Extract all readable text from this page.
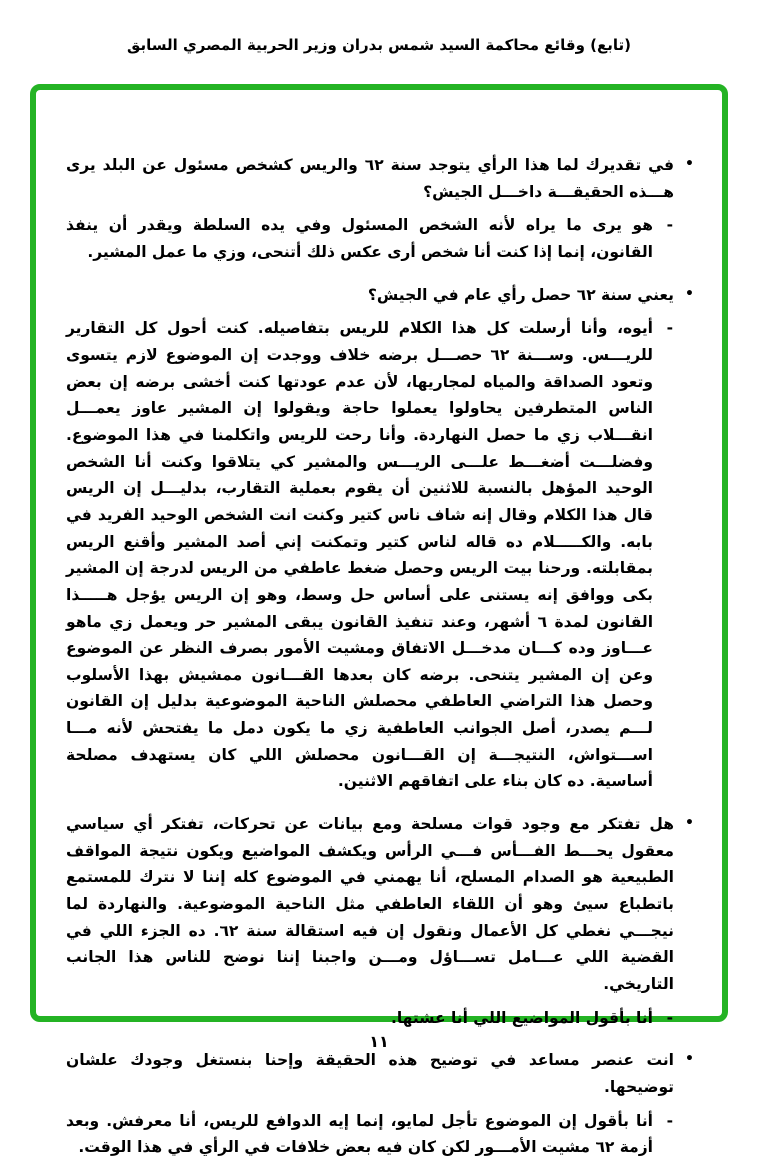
(تابع) وقائع محاكمة السيد شمس بدران وزير الحربية المصري السابق
•
في تقديرك لما هذا الرأي يتوجد سنة ٦٢ والريس كشخص مسئول عن البلد يرى هـــذه الحقيقـــة داخـــل الجيش؟
-
هو يرى ما يراه لأنه الشخص المسئول وفي يده السلطة ويقدر أن ينفذ القانون، إنما إذا كنت أنا شخص أرى عكس ذلك أتنحى، وزي ما عمل المشير.
•
يعني سنة ٦٢ حصل رأي عام في الجيش؟
-
أيوه، وأنا أرسلت كل هذا الكلام للريس بتفاصيله. كنت أحول كل التقارير للريـــس. وســـنة ٦٢ حصـــل برضه خلاف ووجدت إن الموضوع لازم يتسوى وتعود الصداقة والمياه لمجاريها، لأن عدم عودتها كنت أخشى برضه إن بعض الناس المتطرفين يحاولوا يعملوا حاجة ويقولوا إن المشير عاوز يعمـــل انقـــلاب زي ما حصل النهاردة. وأنا رحت للريس واتكلمنا في هذا الموضوع. وفضلـــت أضغـــط علـــى الريـــس والمشير كي يتلاقوا وكنت أنا الشخص الوحيد المؤهل بالنسبة للاثنين أن يقوم بعملية التقارب، بدليـــل إن الريس قال هذا الكلام وقال إنه شاف ناس كتير وكنت انت الشخص الوحيد الفريد في بابه. والكـــــلام ده قاله لناس كتير وتمكنت إني أصد المشير وأقنع الريس بمقابلته. ورحنا بيت الريس وحصل ضغط عاطفي من الريس لدرجة إن المشير بكى ووافق إنه يستنى على أساس حل وسط، وهو إن الريس يؤجل هـــــذا القانون لمدة ٦ أشهر، وعند تنفيذ القانون يبقى المشير حر ويعمل زي ماهو عـــاوز وده كـــان مدخـــل الاتفاق ومشيت الأمور بصرف النظر عن الموضوع وعن إن المشير يتنحى. برضه كان بعدها القـــانون ممشيش بهذا الأسلوب وحصل هذا التراضي العاطفي محصلش الناحية الموضوعية بدليل إن القانون لـــم يصدر، أصل الجوانب العاطفية زي ما يكون دمل ما يفتحش لأنه مـــا اســـتواش، النتيجـــة إن القـــانون محصلش اللي كان يستهدف مصلحة أساسية. ده كان بناء على اتفاقهم الاثنين.
•
هل تفتكر مع وجود قوات مسلحة ومع بيانات عن تحركات، تفتكر أي سياسي معقول يحـــط الفـــأس فـــي الرأس ويكشف المواضيع ويكون نتيجة المواقف الطبيعية هو الصدام المسلح، أنا يهمني في الموضوع كله إننا لا نترك للمستمع باتطباع سيئ وهو أن اللقاء العاطفي مثل الناحية الموضوعية. والنهاردة لما نيجـــي نغطي كل الأعمال ونقول إن فيه استقالة سنة ٦٢. ده الجزء اللي في القضية اللي عـــامل تســـاؤل ومـــن واجبنا إننا نوضح للناس هذا الجانب التاريخي.
-
أنا بأقول المواضيع اللي أنا عشتها.
•
انت عنصر مساعد في توضيح هذه الحقيقة وإحنا بنستغل وجودك علشان توضيحها.
-
أنا بأقول إن الموضوع تأجل لمايو، إنما إيه الدوافع للريس، أنا معرفش. وبعد أزمة ٦٢ مشيت الأمـــور لكن كان فيه بعض خلافات في الرأي في هذا الوقت.
١١
